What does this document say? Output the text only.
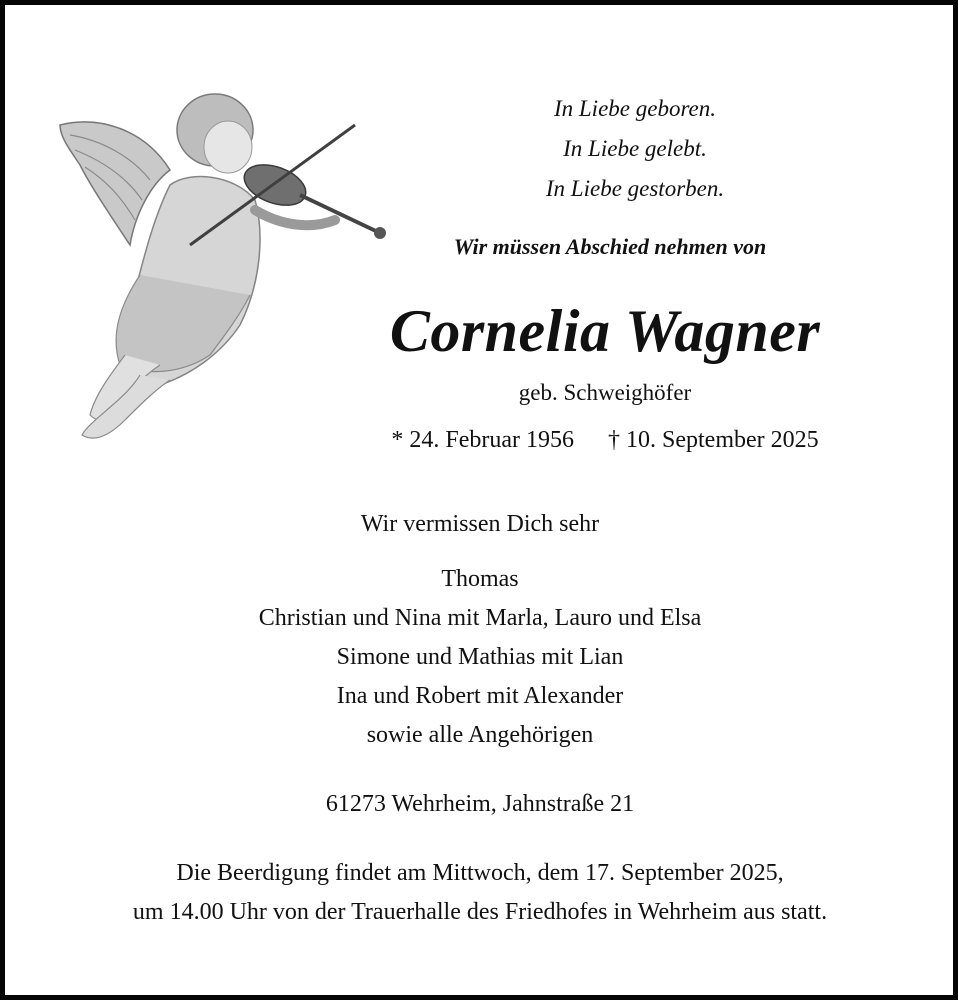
In Liebe geboren.
In Liebe gelebt.
In Liebe gestorben.
Wir müssen Abschied nehmen von
Cornelia Wagner
geb. Schweighöfer
* 24. Februar 1956 † 10. September 2025
Wir vermissen Dich sehr
Thomas
Christian und Nina mit Marla, Lauro und Elsa
Simone und Mathias mit Lian
Ina und Robert mit Alexander
sowie alle Angehörigen
61273 Wehrheim, Jahnstraße 21
Die Beerdigung findet am Mittwoch, dem 17. September 2025,
um 14.00 Uhr von der Trauerhalle des Friedhofes in Wehrheim aus statt.
